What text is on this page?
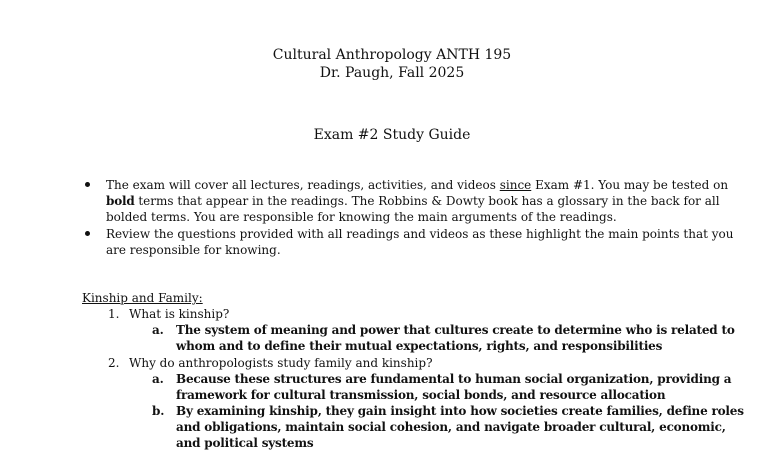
Cultural Anthropology ANTH 195
Dr. Paugh, Fall 2025
Exam #2 Study Guide
The exam will cover all lectures, readings, activities, and videos since Exam #1. You may be tested on
bold terms that appear in the readings. The Robbins & Dowty book has a glossary in the back for all
bolded terms. You are responsible for knowing the main arguments of the readings.
Review the questions provided with all readings and videos as these highlight the main points that you
are responsible for knowing.
Kinship and Family:
1. What is kinship?
a. The system of meaning and power that cultures create to determine who is related to
whom and to define their mutual expectations, rights, and responsibilities
2. Why do anthropologists study family and kinship?
a. Because these structures are fundamental to human social organization, providing a
framework for cultural transmission, social bonds, and resource allocation
b. By examining kinship, they gain insight into how societies create families, define roles
and obligations, maintain social cohesion, and navigate broader cultural, economic,
and political systems
